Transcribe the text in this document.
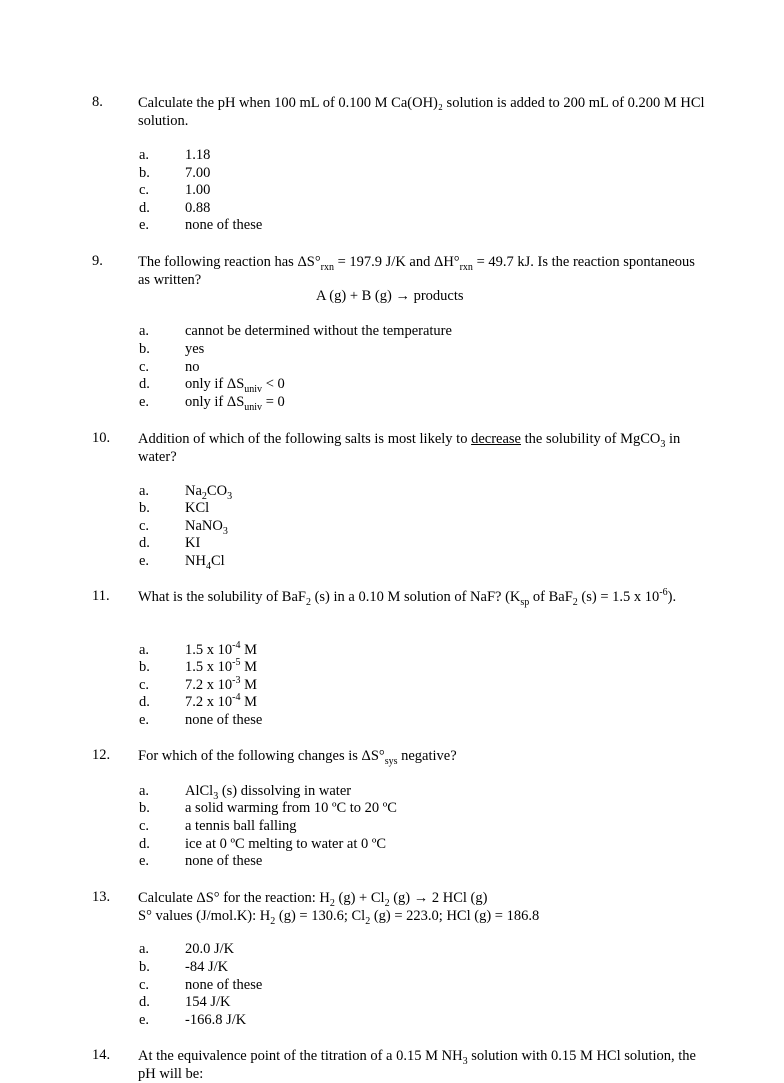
8. Calculate the pH when 100 mL of 0.100 M Ca(OH)₂ solution is added to 200 mL of 0.200 M HCl solution.
a. 1.18
b. 7.00
c. 1.00
d. 0.88
e. none of these
9. The following reaction has $\Delta S^\circ_{rxn} = 197.9$ J/K and $\Delta H^\circ_{rxn} = 49.7$ kJ. Is the reaction spontaneous as written?
A (g) + B (g) → products
a. cannot be determined without the temperature
b. yes
c. no
d. only if $\Delta S_{univ} < 0$
e. only if $\Delta S_{univ} = 0$
10. Addition of which of the following salts is most likely to decrease the solubility of MgCO$_3$ in water?
a. $Na_2CO_3$
b. KCl
c. NaNO$_3$
d. KI
e. $NH_4Cl$
11. What is the solubility of BaF$_2$ (s) in a 0.10 M solution of NaF? ($K_{sp}$ of BaF$_2$ (s) = 1.5 x $10^{-6}$).
a. 1.5 x $10^{-4}$ M
b. 1.5 x $10^{-5}$ M
c. 7.2 x $10^{-3}$ M
d. 7.2 x $10^{-4}$ M
e. none of these
12. For which of the following changes is $\Delta S^\circ_{sys}$ negative?
a. AlCl$_3$ (s) dissolving in water
b. a solid warming from 10 ºC to 20 ºC
c. a tennis ball falling
d. ice at 0 ºC melting to water at 0 ºC
e. none of these
13. Calculate ΔS° for the reaction: $H_2$ $(g) + Cl_2$ (g) → 2 HCl (g)
S° values (J/mol.K): $H_2$ (g) = 130.6; $Cl_2$ (g) = 223.0; HCl (g) = 186.8
a. 20.0 J/K
b. -84 J/K
c. none of these
d. 154 J/K
e. -166.8 J/K
14. At the equivalence point of the titration of a 0.15 M $NH_3$ solution with 0.15 M HCl solution, the pH will be:
